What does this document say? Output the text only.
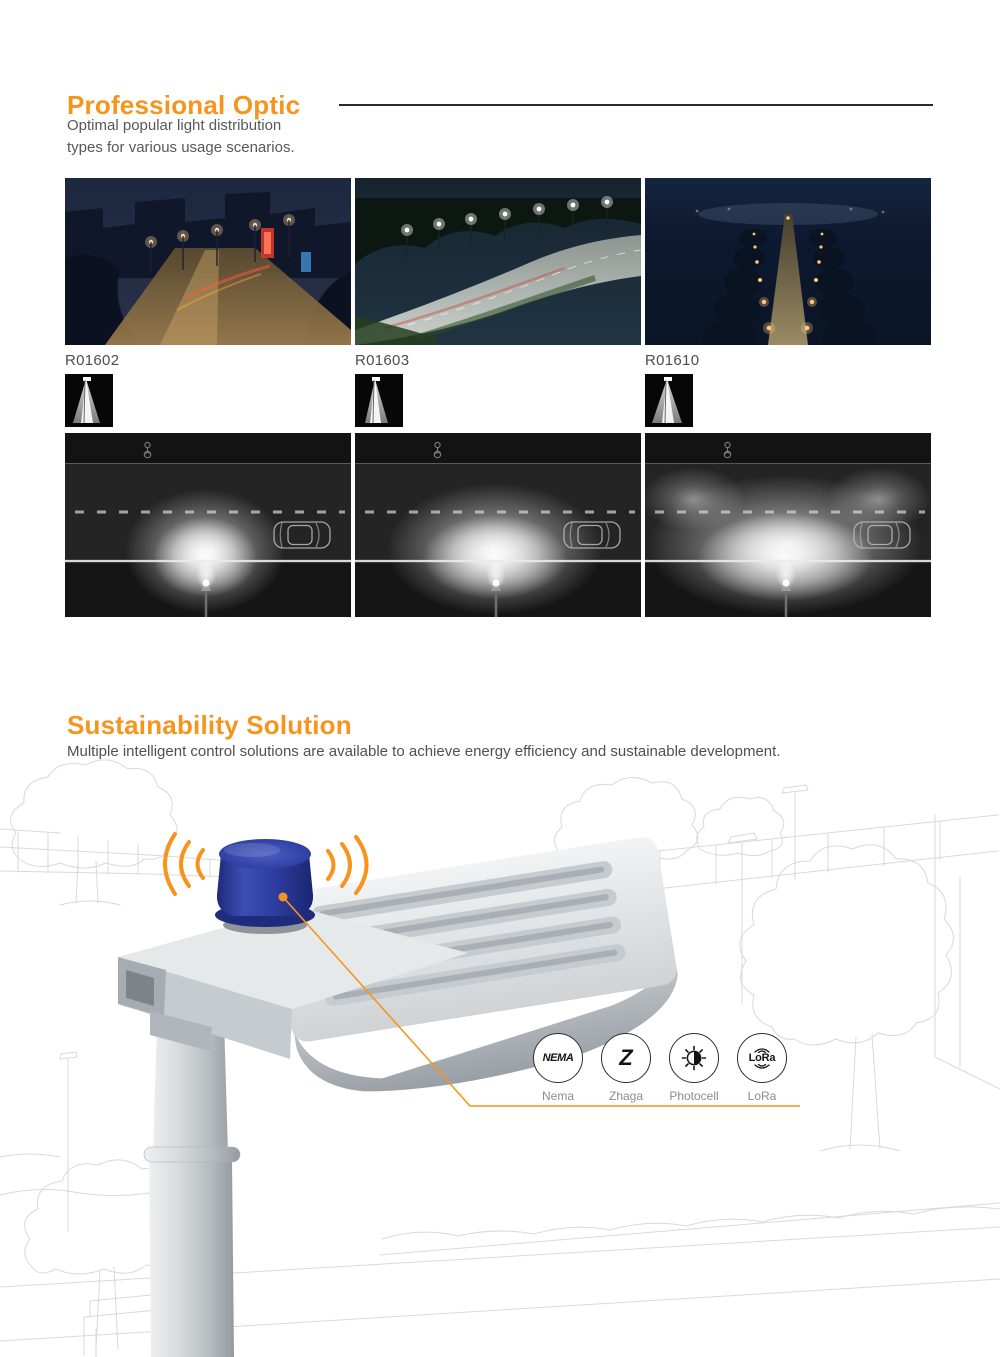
Professional Optic

Optimal popular light distribution types for various usage scenarios.

R01602	R01603	R01610
Sustainability Solution

Multiple intelligent control solutions are available to achieve energy efficiency and sustainable development.

NEMA
Nema
Z
Zhaga Photocell
LoRa
LoRa
